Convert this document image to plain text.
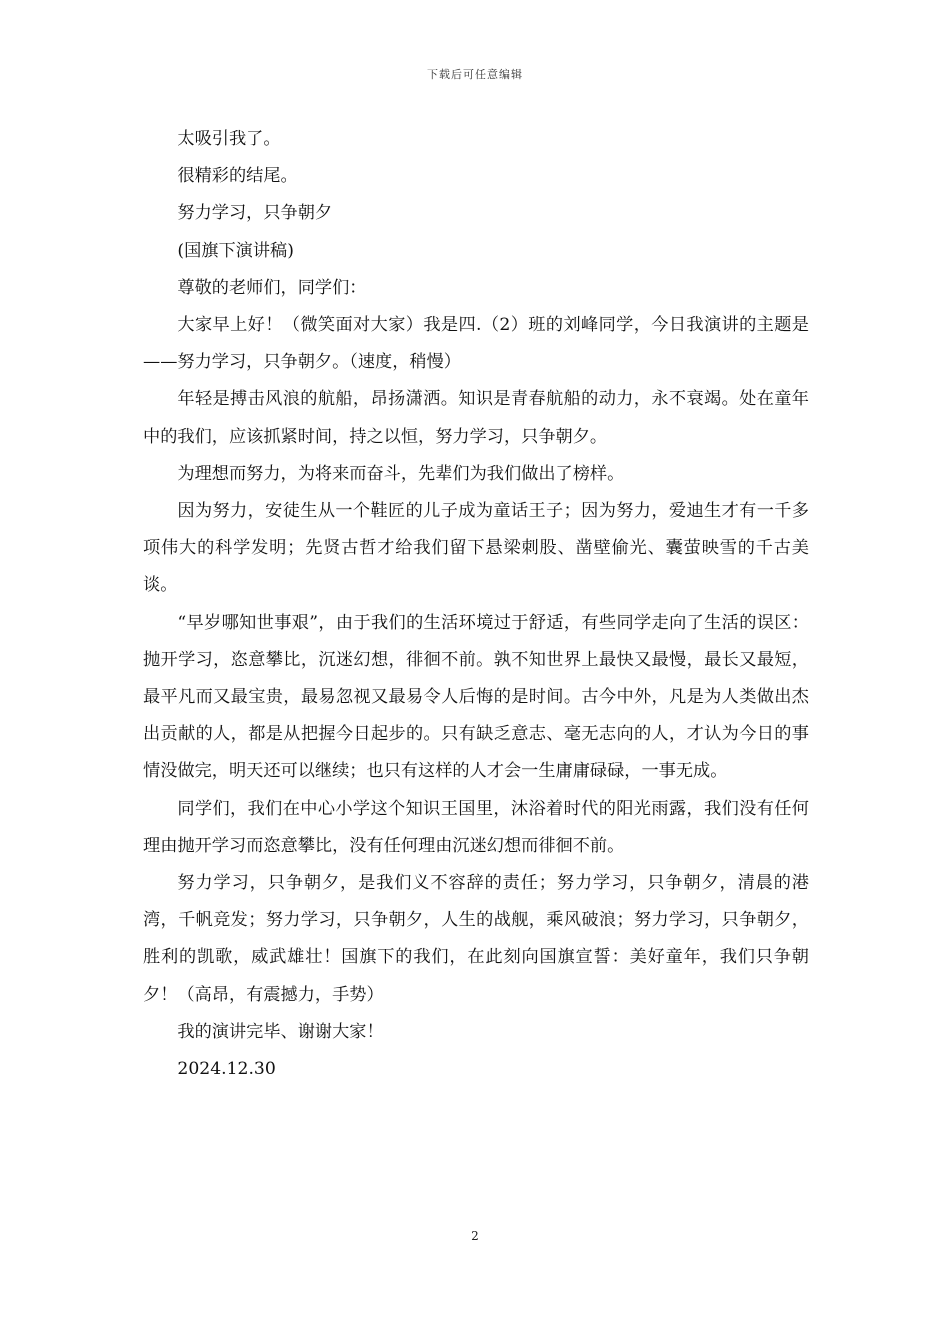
下载后可任意编辑

太吸引我了。

很精彩的结尾。

努力学习，只争朝夕

(国旗下演讲稿)

尊敬的老师们，同学们：

大家早上好！（微笑面对大家）我是四.（2）班的刘峰同学，今日我演讲的主题是——努力学习，只争朝夕。（速度，稍慢）

年轻是搏击风浪的航船，昂扬潇洒。知识是青春航船的动力，永不衰竭。处在童年中的我们，应该抓紧时间，持之以恒，努力学习，只争朝夕。

为理想而努力，为将来而奋斗，先辈们为我们做出了榜样。

因为努力，安徒生从一个鞋匠的儿子成为童话王子；因为努力，爱迪生才有一千多项伟大的科学发明；先贤古哲才给我们留下悬梁刺股、凿壁偷光、囊萤映雪的千古美谈。

“早岁哪知世事艰”，由于我们的生活环境过于舒适，有些同学走向了生活的误区：抛开学习，恣意攀比，沉迷幻想，徘徊不前。孰不知世界上最快又最慢，最长又最短，最平凡而又最宝贵，最易忽视又最易令人后悔的是时间。古今中外，凡是为人类做出杰出贡献的人，都是从把握今日起步的。只有缺乏意志、毫无志向的人，才认为今日的事情没做完，明天还可以继续；也只有这样的人才会一生庸庸碌碌，一事无成。

同学们，我们在中心小学这个知识王国里，沐浴着时代的阳光雨露，我们没有任何理由抛开学习而恣意攀比，没有任何理由沉迷幻想而徘徊不前。

努力学习，只争朝夕，是我们义不容辞的责任；努力学习，只争朝夕，清晨的港湾，千帆竞发；努力学习，只争朝夕，人生的战舰，乘风破浪；努力学习，只争朝夕，胜利的凯歌，威武雄壮！国旗下的我们，在此刻向国旗宣誓：美好童年，我们只争朝夕！（高昂，有震撼力，手势）

我的演讲完毕、谢谢大家！

2024.12.30

2
